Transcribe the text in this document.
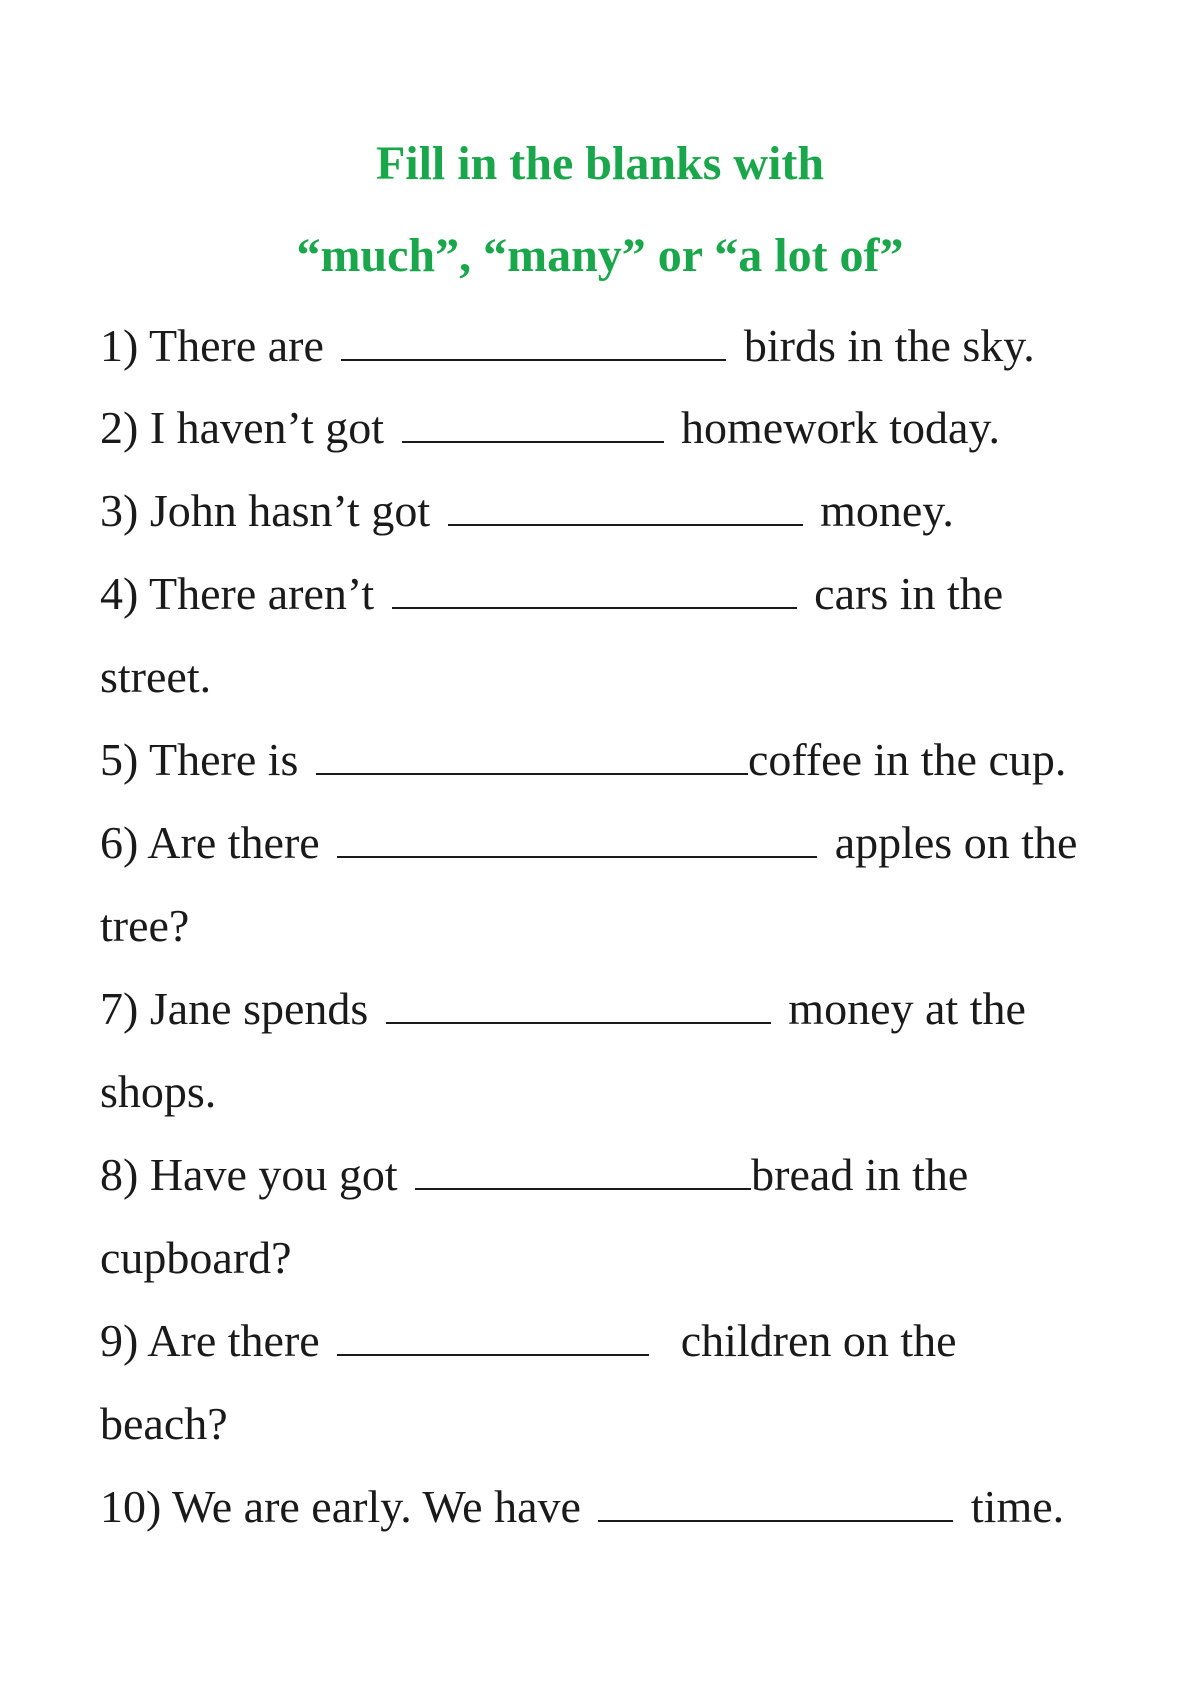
Fill in the blanks with
“much”, “many” or “a lot of”
1) There are	birds in the sky.
2) I haven’t got	homework today.
3) John hasn’t got	money.
4) There aren’t	cars in the
street.
5) There is	coffee in the cup.
6) Are there	apples on the
tree?
7) Jane spends	money at the
shops.
8) Have you got	bread in the
cupboard?
9) Are there	children on the
beach?
10) We are early. We have	time.
